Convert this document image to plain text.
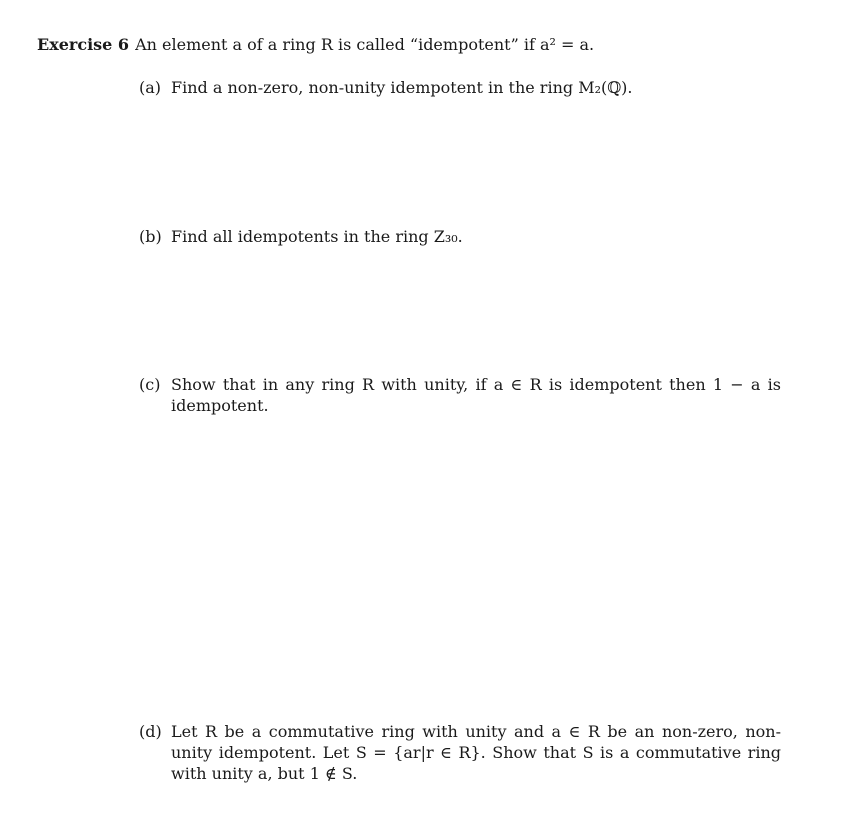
Exercise 6 An element a of a ring R is called “idempotent” if a² = a.
(a) Find a non-zero, non-unity idempotent in the ring M₂(ℚ).
(b) Find all idempotents in the ring Z₃₀.
(c) Show that in any ring R with unity, if a ∈ R is idempotent then 1 − a is idempotent.
(d) Let R be a commutative ring with unity and a ∈ R be an non-zero, non-unity idempotent. Let S = {ar|r ∈ R}. Show that S is a commutative ring with unity a, but 1 ∉ S.
